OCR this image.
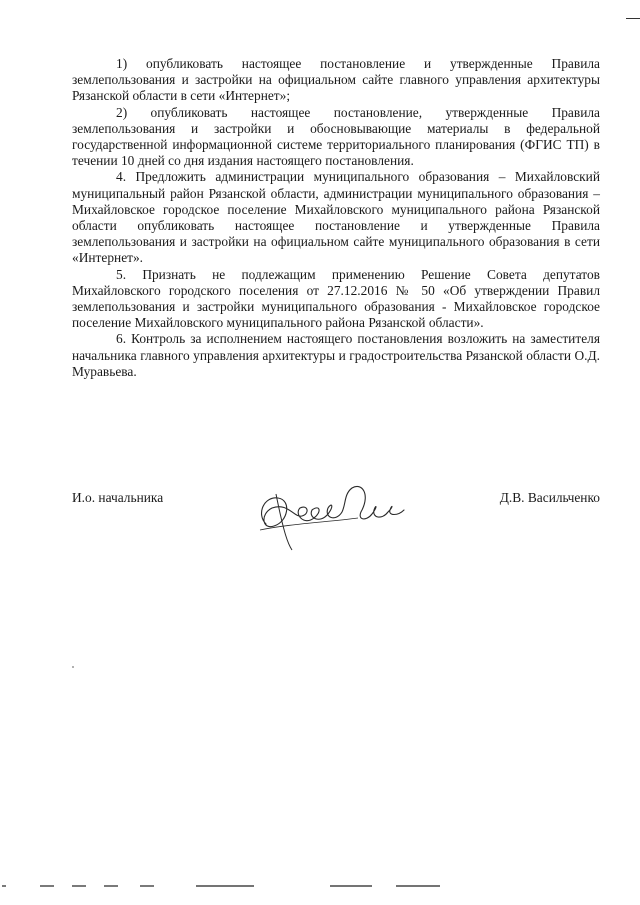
1) опубликовать настоящее постановление и утвержденные Правила землепользования и застройки на официальном сайте главного управления архитектуры Рязанской области в сети «Интернет»;

2) опубликовать настоящее постановление, утвержденные Правила землепользования и застройки и обосновывающие материалы в федеральной государственной информационной системе территориального планирования (ФГИС ТП) в течении 10 дней со дня издания настоящего постановления.

4. Предложить администрации муниципального образования – Михайловский муниципальный район Рязанской области, администрации муниципального образования – Михайловское городское поселение Михайловского муниципального района Рязанской области опубликовать настоящее постановление и утвержденные Правила землепользования и застройки на официальном сайте муниципального образования в сети «Интернет».

5. Признать не подлежащим применению Решение Совета депутатов Михайловского городского поселения от 27.12.2016 № 50 «Об утверждении Правил землепользования и застройки муниципального образования - Михайловское городское поселение Михайловского муниципального района Рязанской области».

6. Контроль за исполнением настоящего постановления возложить на заместителя начальника главного управления архитектуры и градостроительства Рязанской области О.Д. Муравьева.

И.о. начальника	Д.В. Васильченко
